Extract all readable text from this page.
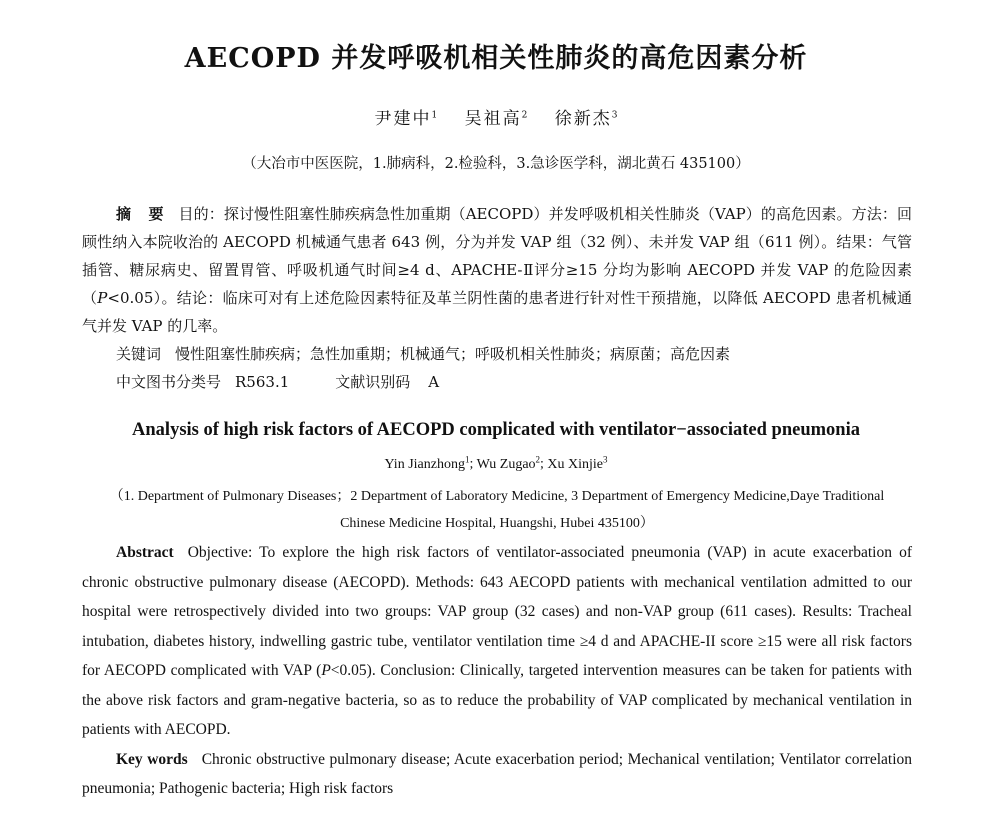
AECOPD 并发呼吸机相关性肺炎的高危因素分析
尹建中$^1$ 吴祖高$^2$ 徐新杰$^3$
（大冶市中医医院，1.肺病科，2.检验科，3.急诊医学科，湖北黄石 435100）

摘 要 目的：探讨慢性阻塞性肺疾病急性加重期（AECOPD）并发呼吸机相关性肺炎（VAP）的高危因素。方法：回顾性纳入本院收治的 AECOPD 机械通气患者 643 例，分为并发 VAP 组（32 例）、未并发 VAP 组（611 例）。结果：气管插管、糖尿病史、留置胃管、呼吸机通气时间≥4 d、APACHE-Ⅱ评分≥15 分均为影响 AECOPD 并发 VAP 的危险因素（P<0.05）。结论：临床可对有上述危险因素特征及革兰阴性菌的患者进行针对性干预措施，以降低 AECOPD 患者机械通气并发 VAP 的几率。

关键词 慢性阻塞性肺疾病；急性加重期；机械通气；呼吸机相关性肺炎；病原菌；高危因素

中文图书分类号 R563.1	文献识别码 A

Analysis of high risk factors of AECOPD complicated with ventilator−associated pneumonia
Yin Jianzhong$^1$; Wu Zugao$^2$; Xu Xinjie$^3$
（1. Department of Pulmonary Diseases；2 Department of Laboratory Medicine, 3 Department of Emergency Medicine,Daye Traditional
Chinese Medicine Hospital, Huangshi, Hubei 435100）

Abstract Objective: To explore the high risk factors of ventilator-associated pneumonia (VAP) in acute exacerbation of chronic obstructive pulmonary disease (AECOPD). Methods: 643 AECOPD patients with mechanical ventilation admitted to our hospital were retrospectively divided into two groups: VAP group (32 cases) and non-VAP group (611 cases). Results: Tracheal intubation, diabetes history, indwelling gastric tube, ventilator ventilation time ≥4 d and APACHE-II score ≥15 were all risk factors for AECOPD complicated with VAP (P<0.05). Conclusion: Clinically, targeted intervention measures can be taken for patients with the above risk factors and gram-negative bacteria, so as to reduce the probability of VAP complicated by mechanical ventilation in patients with AECOPD.

Key words Chronic obstructive pulmonary disease; Acute exacerbation period; Mechanical ventilation; Ventilator correlation pneumonia; Pathogenic bacteria; High risk factors
